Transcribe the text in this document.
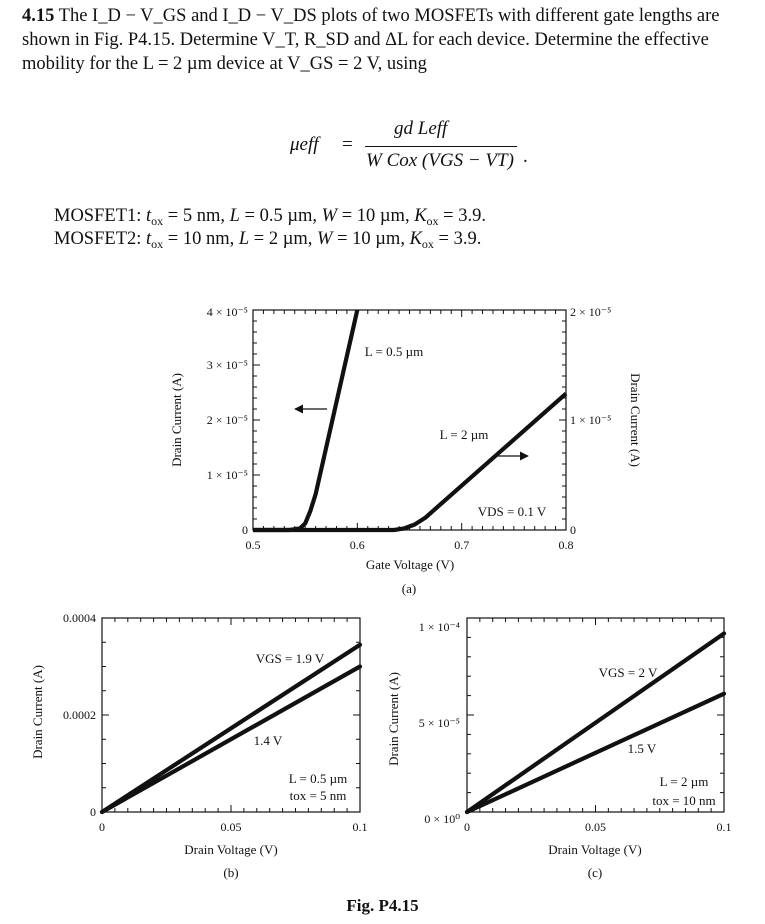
4.15 The I_D − V_GS and I_D − V_DS plots of two MOSFETs with different gate lengths are shown in Fig. P4.15. Determine V_T, R_SD and ΔL for each device. Determine the effective mobility for the L = 2 µm device at V_GS = 2 V, using
μeff =
gd Leff
W Cox (VGS − VT) .
MOSFET1: $t_{ox} = 5$ nm, L = 0.5 µm, W = 10 µm, $K_{ox} = 3.9$.
MOSFET2: $t_{ox} = 10$ nm, L = 2 µm, W = 10 µm, $K_{ox} = 3.9$.
0.5	0.6	0.7	0.8
0
1 × 10⁻⁵
2 × 10⁻⁵
3 × 10⁻⁵
4 × 10⁻⁵
0
1 × 10⁻⁵
2 × 10⁻⁵
Gate Voltage (V)
Drain Current (A)	Drain Current (A)
L = 0.5 µm
L = 2 µm
VDS = 0.1 V
(a)
0	0.05	0.1
0
0.0002
0.0004
Drain Voltage (V)
Drain Current (A)
VGS = 1.9 V
1.4 V
L = 0.5 µm
tox = 5 nm
(b)
0	0.05	0.1
0 × 10⁰
5 × 10⁻⁵
1 × 10⁻⁴
Drain Voltage (V)
Drain Current (A)	VGS = 2 V
1.5 V
L = 2 µm
tox = 10 nm
(c)
Fig. P4.15
